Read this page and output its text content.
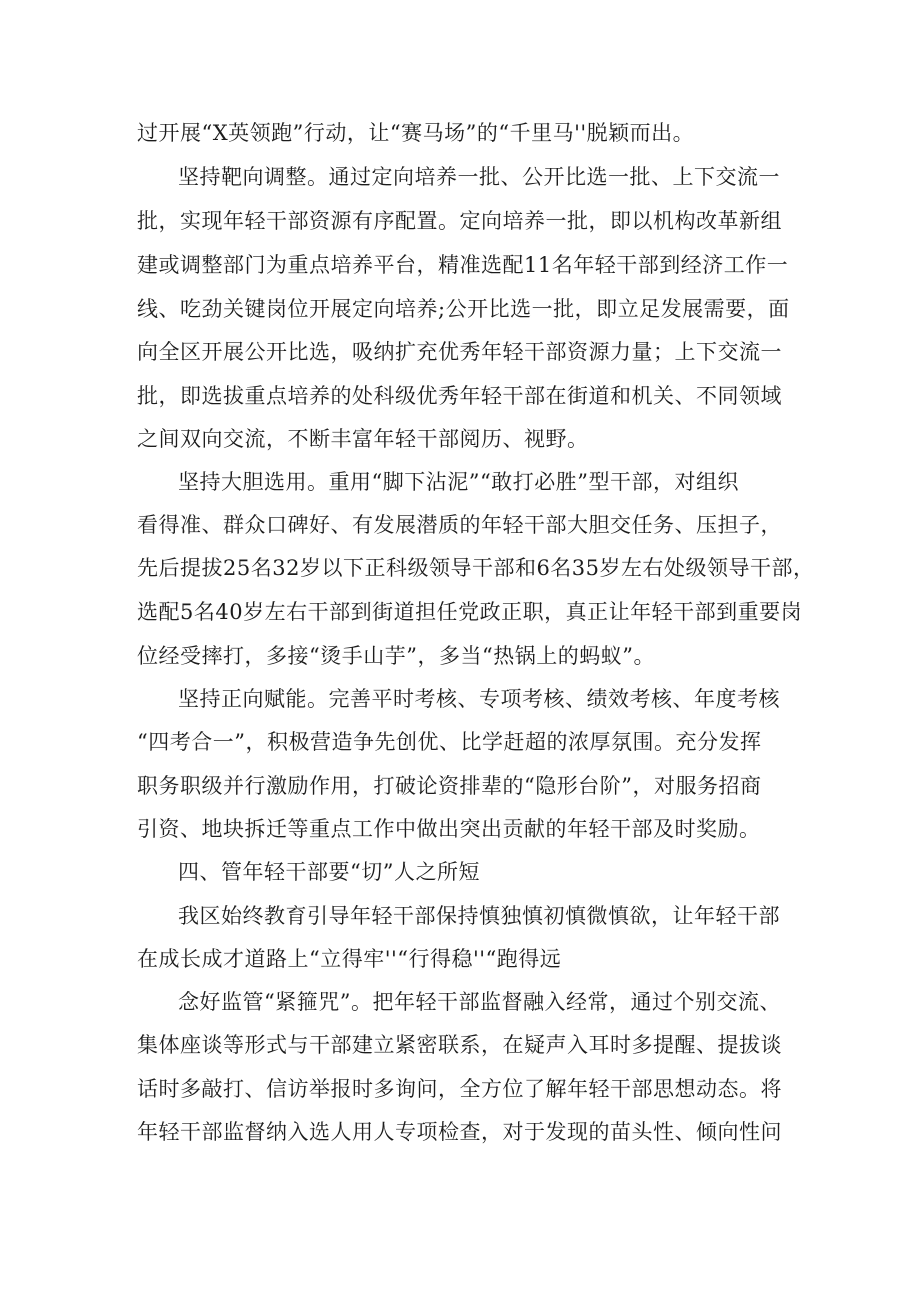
过开展“X英领跑”行动，让“赛马场”的“千里马''脱颖而出。
坚持靶向调整。通过定向培养一批、公开比选一批、上下交流一
批，实现年轻干部资源有序配置。定向培养一批，即以机构改革新组
建或调整部门为重点培养平台，精准选配11名年轻干部到经济工作一
线、吃劲关键岗位开展定向培养;公开比选一批，即立足发展需要，面
向全区开展公开比选，吸纳扩充优秀年轻干部资源力量；上下交流一
批，即选拔重点培养的处科级优秀年轻干部在街道和机关、不同领域
之间双向交流，不断丰富年轻干部阅历、视野。
坚持大胆选用。重用“脚下沾泥”“敢打必胜”型干部，对组织
看得准、群众口碑好、有发展潜质的年轻干部大胆交任务、压担子，
先后提拔25名32岁以下正科级领导干部和6名35岁左右处级领导干部，
选配5名40岁左右干部到街道担任党政正职，真正让年轻干部到重要岗
位经受摔打，多接“烫手山芋”，多当“热锅上的蚂蚁”。
坚持正向赋能。完善平时考核、专项考核、绩效考核、年度考核
“四考合一”，积极营造争先创优、比学赶超的浓厚氛围。充分发挥
职务职级并行激励作用，打破论资排辈的“隐形台阶”，对服务招商
引资、地块拆迁等重点工作中做出突出贡献的年轻干部及时奖励。
四、管年轻干部要“切”人之所短
我区始终教育引导年轻干部保持慎独慎初慎微慎欲，让年轻干部
在成长成才道路上“立得牢''“行得稳''“跑得远
念好监管“紧箍咒”。把年轻干部监督融入经常，通过个别交流、
集体座谈等形式与干部建立紧密联系，在疑声入耳时多提醒、提拔谈
话时多敲打、信访举报时多询问，全方位了解年轻干部思想动态。将
年轻干部监督纳入选人用人专项检查，对于发现的苗头性、倾向性问
